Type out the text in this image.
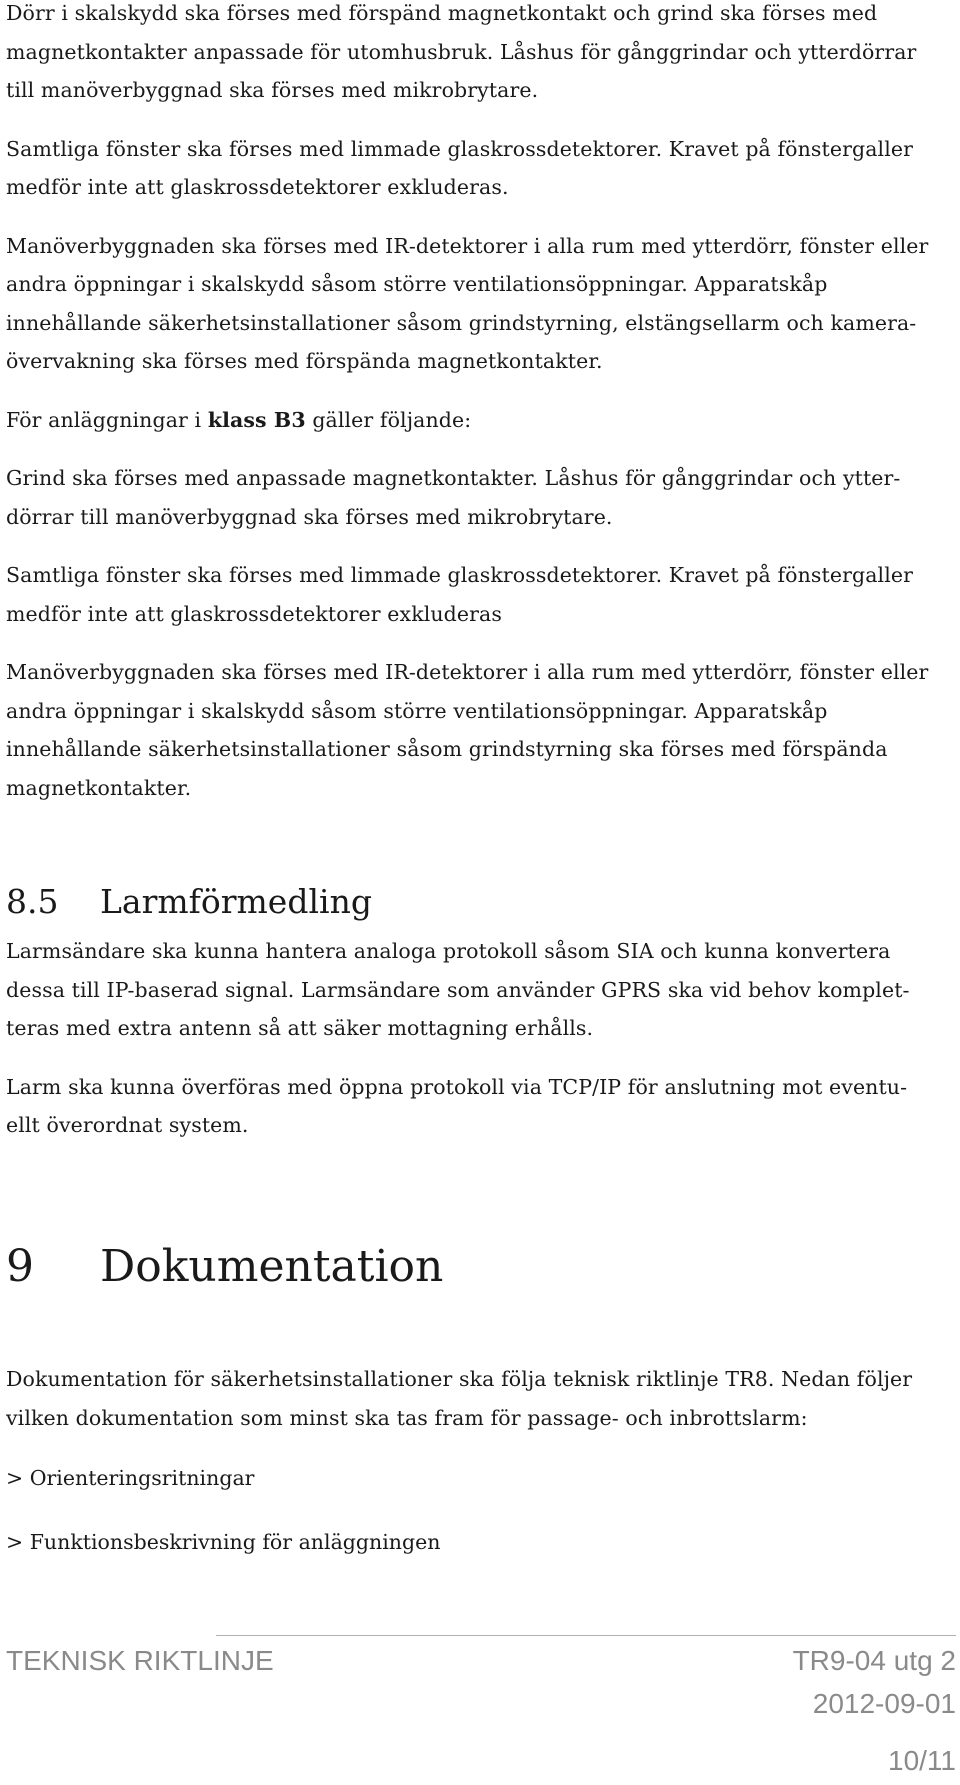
Dörr i skalskydd ska förses med förspänd magnetkontakt och grind ska förses med magnetkontakter anpassade för utomhusbruk. Låshus för gånggrindar och ytterdörrar till manöverbyggnad ska förses med mikrobrytare.

Samtliga fönster ska förses med limmade glaskrossdetektorer. Kravet på fönstergaller medför inte att glaskrossdetektorer exkluderas.

Manöverbyggnaden ska förses med IR-detektorer i alla rum med ytterdörr, fönster eller andra öppningar i skalskydd såsom större ventilationsöppningar. Apparatskåp innehållande säkerhetsinstallationer såsom grindstyrning, elstängsellarm och kamera-övervakning ska förses med förspända magnetkontakter.

För anläggningar i klass B3 gäller följande:

Grind ska förses med anpassade magnetkontakter. Låshus för gånggrindar och ytter-dörrar till manöverbyggnad ska förses med mikrobrytare.

Samtliga fönster ska förses med limmade glaskrossdetektorer. Kravet på fönstergaller medför inte att glaskrossdetektorer exkluderas

Manöverbyggnaden ska förses med IR-detektorer i alla rum med ytterdörr, fönster eller andra öppningar i skalskydd såsom större ventilationsöppningar. Apparatskåp innehållande säkerhetsinstallationer såsom grindstyrning ska förses med förspända magnetkontakter.

8.5 Larmförmedling

Larmsändare ska kunna hantera analoga protokoll såsom SIA och kunna konvertera dessa till IP-baserad signal. Larmsändare som använder GPRS ska vid behov komplet-teras med extra antenn så att säker mottagning erhålls.

Larm ska kunna överföras med öppna protokoll via TCP/IP för anslutning mot eventu-ellt överordnat system.

9 Dokumentation

Dokumentation för säkerhetsinstallationer ska följa teknisk riktlinje TR8. Nedan följer vilken dokumentation som minst ska tas fram för passage- och inbrottslarm:

> Orienteringsritningar

> Funktionsbeskrivning för anläggningen

TEKNISK RIKTLINJE	TR9-04 utg 2
2012-09-01
10/11
